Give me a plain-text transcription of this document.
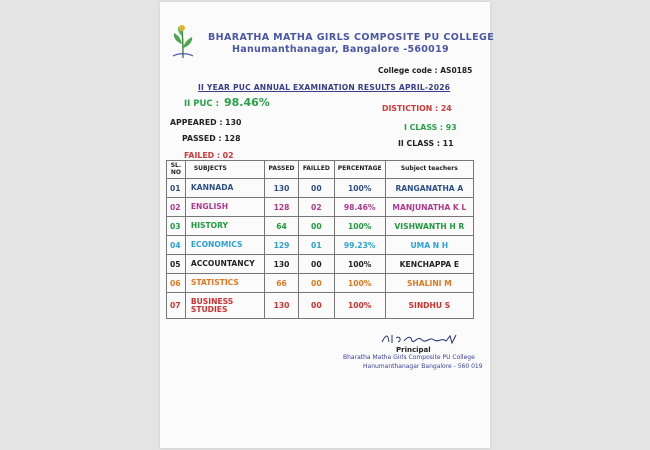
BHARATHA MATHA GIRLS COMPOSITE PU COLLEGE
Hanumanthanagar, Bangalore -560019
College code : AS0185
II YEAR PUC ANNUAL EXAMINATION RESULTS APRIL-2026
II PUC : 98.46%	DISTICTION : 24
APPEARED : 130
I CLASS : 93
PASSED : 128
II CLASS : 11
FAILED : 02
SL. NO	SUBJECTS	PASSED	FAILLED	PERCENTAGE	Subject teachers
01	KANNADA	130	00	100%	RANGANATHA A
02	ENGLISH	128	02	98.46%	MANJUNATHA K L
03	HISTORY	64	00	100%	VISHWANTH H R
04	ECONOMICS	129	01	99.23%	UMA N H
05	ACCOUNTANCY	130	00	100%	KENCHAPPA E
06	STATISTICS	66	00	100%	SHALINI M
07	BUSINESS STUDIES	130	00	100%	SINDHU S
Principal
Bharatha Matha Girls Composite PU College
Hanumanthanagar Bangalore - 560 019
